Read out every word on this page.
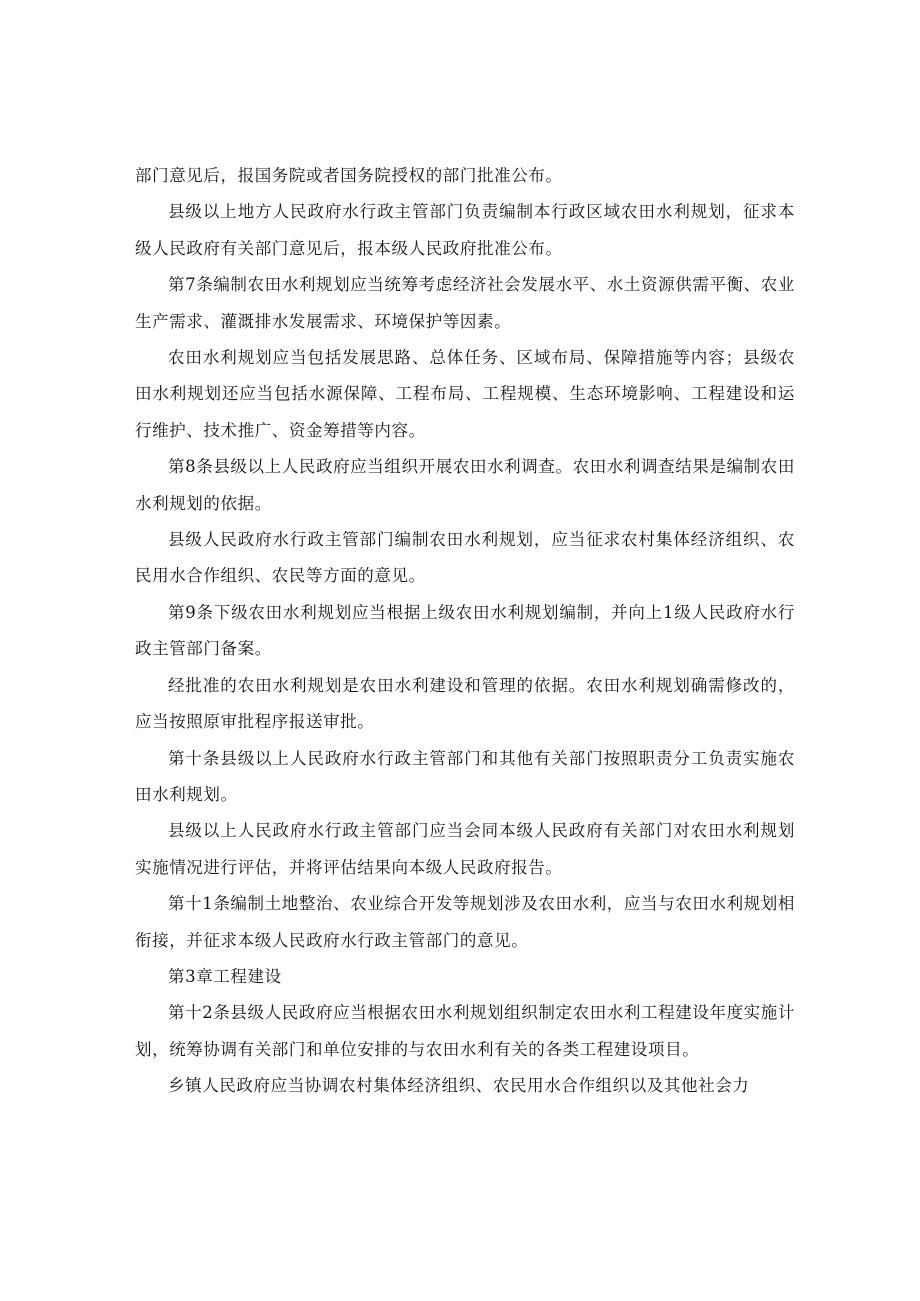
部门意见后，报国务院或者国务院授权的部门批准公布。

县级以上地方人民政府水行政主管部门负责编制本行政区域农田水利规划，征求本级人民政府有关部门意见后，报本级人民政府批准公布。

第7条编制农田水利规划应当统筹考虑经济社会发展水平、水土资源供需平衡、农业生产需求、灌溉排水发展需求、环境保护等因素。

农田水利规划应当包括发展思路、总体任务、区域布局、保障措施等内容；县级农田水利规划还应当包括水源保障、工程布局、工程规模、生态环境影响、工程建设和运行维护、技术推广、资金筹措等内容。

第8条县级以上人民政府应当组织开展农田水利调查。农田水利调查结果是编制农田水利规划的依据。

县级人民政府水行政主管部门编制农田水利规划，应当征求农村集体经济组织、农民用水合作组织、农民等方面的意见。

第9条下级农田水利规划应当根据上级农田水利规划编制，并向上1级人民政府水行政主管部门备案。

经批准的农田水利规划是农田水利建设和管理的依据。农田水利规划确需修改的，应当按照原审批程序报送审批。

第十条县级以上人民政府水行政主管部门和其他有关部门按照职责分工负责实施农田水利规划。

县级以上人民政府水行政主管部门应当会同本级人民政府有关部门对农田水利规划实施情况进行评估，并将评估结果向本级人民政府报告。

第十1条编制土地整治、农业综合开发等规划涉及农田水利，应当与农田水利规划相衔接，并征求本级人民政府水行政主管部门的意见。

第3章工程建设

第十2条县级人民政府应当根据农田水利规划组织制定农田水利工程建设年度实施计划，统筹协调有关部门和单位安排的与农田水利有关的各类工程建设项目。

乡镇人民政府应当协调农村集体经济组织、农民用水合作组织以及其他社会力
